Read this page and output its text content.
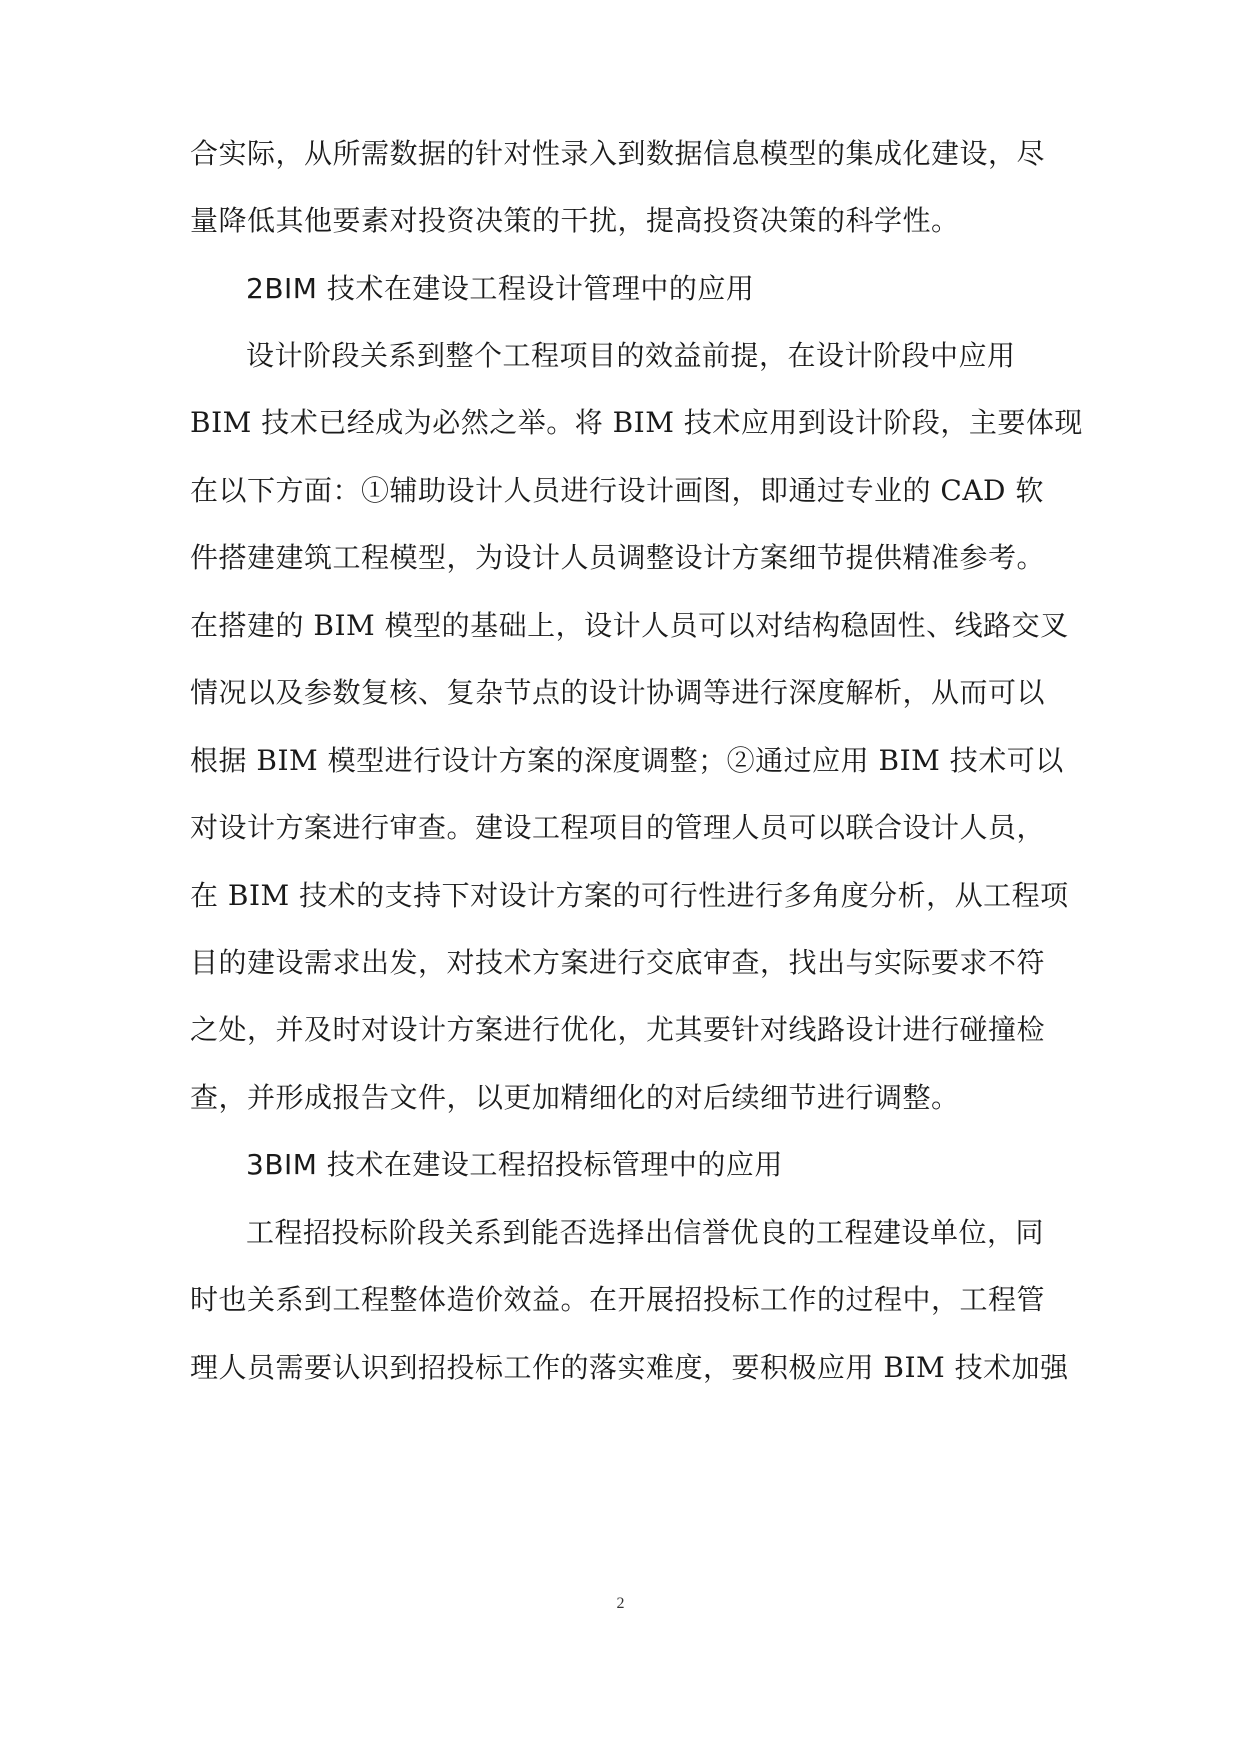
合实际，从所需数据的针对性录入到数据信息模型的集成化建设，尽
量降低其他要素对投资决策的干扰，提高投资决策的科学性。
2BIM 技术在建设工程设计管理中的应用
设计阶段关系到整个工程项目的效益前提，在设计阶段中应用
BIM 技术已经成为必然之举。将 BIM 技术应用到设计阶段，主要体现
在以下方面：①辅助设计人员进行设计画图，即通过专业的 CAD 软
件搭建建筑工程模型，为设计人员调整设计方案细节提供精准参考。
在搭建的 BIM 模型的基础上，设计人员可以对结构稳固性、线路交叉
情况以及参数复核、复杂节点的设计协调等进行深度解析，从而可以
根据 BIM 模型进行设计方案的深度调整；②通过应用 BIM 技术可以
对设计方案进行审查。建设工程项目的管理人员可以联合设计人员，
在 BIM 技术的支持下对设计方案的可行性进行多角度分析，从工程项
目的建设需求出发，对技术方案进行交底审查，找出与实际要求不符
之处，并及时对设计方案进行优化，尤其要针对线路设计进行碰撞检
查，并形成报告文件，以更加精细化的对后续细节进行调整。
3BIM 技术在建设工程招投标管理中的应用
工程招投标阶段关系到能否选择出信誉优良的工程建设单位，同
时也关系到工程整体造价效益。在开展招投标工作的过程中，工程管
理人员需要认识到招投标工作的落实难度，要积极应用 BIM 技术加强
2
